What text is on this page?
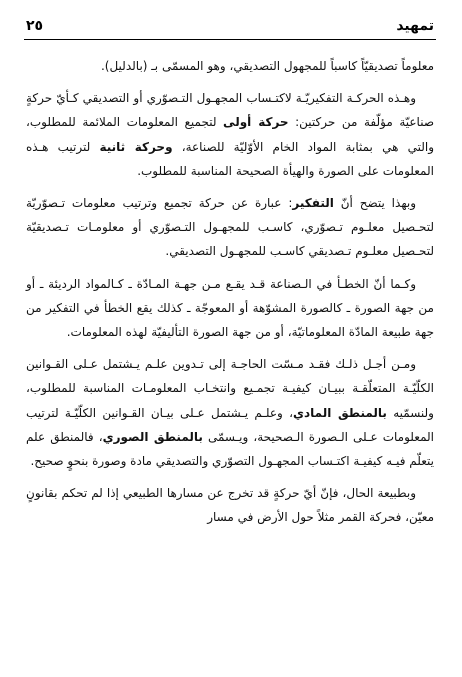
تمهيد
٢٥

معلوماً تصديقيّاً كاسباً للمجهول التصديقي، وهو المسمّى بـ (بالدليل).

وهـذه الحركـة التفكيريّـة لاكتـساب المجهـول التـصوّري أو التصديقي كـأيّ حركةٍ صناعيّة مؤلّفة من حركتين: حركة أولى لتجميع المعلومات الملائمة للمطلوب، والتي هي بمثابة المواد الخام الأوّليّة للصناعة، وحركة ثانية لترتيب هـذه المعلومات على الصورة والهيأة الصحيحة المناسبة للمطلوب.

وبهذا يتضح أنّ التفكير: عبارة عن حركة تجميع وترتيب معلومات تـصوّريّة لتحـصيل معلـوم تـصوّري، كاسـب للمجهـول التـصوّري أو معلومـات تـصديقيّة لتحـصيل معلـوم تـصديقي كاسـب للمجهـول التصديقي.

وكـما أنّ الخطـأ في الـصناعة قـد يقـع مـن جهـة المـادّة ـ كـالمواد الرديئة ـ أو من جهة الصورة ـ كالصورة المشوّهة أو المعوجّة ـ كذلك يقع الخطأ في التفكير من جهة طبيعة المادّة المعلوماتيّة، أو من جهة الصورة التأليفيّة لهذه المعلومات.

ومـن أجـل ذلـك فقـد مـسّت الحاجـة إلى تـدوين علـم يـشتمل عـلى القـوانين الكلّيّـة المتعلّقـة ببيـان كيفيـة تجمـيع وانتخـاب المعلومـات المناسبة للمطلوب، ولنسمّيه بالمنطق المادي، وعلـم يـشتمل عـلى بيـان القـوانين الكلّيّـة لترتيب المعلومات عـلى الـصورة الـصحيحة، ويـسمّى بالمنطق الصوري، فالمنطق علم يتعلّم فيـه كيفيـة اكتـساب المجهـول التصوّري والتصديقي مادة وصورة بنحوٍ صحيح.

وبطبيعة الحال، فإنّ أيّ حركةٍ قد تخرج عن مسارها الطبيعي إذا لم تحكم بقانونٍ معيّن، فحركة القمر مثلاً حول الأرض في مسار
